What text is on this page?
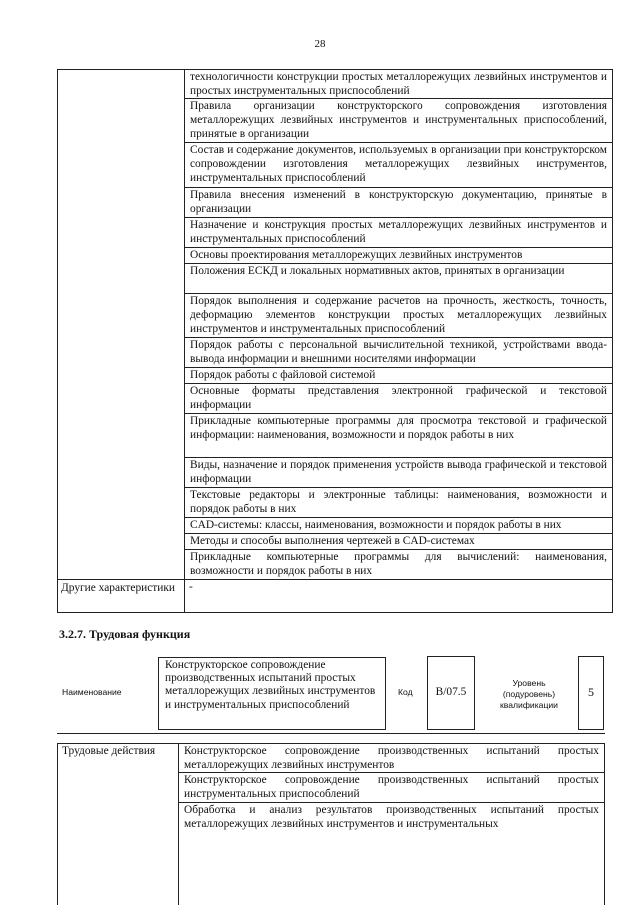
28
технологичности конструкции простых металлорежущих лезвийных инструментов и простых инструментальных приспособлений
Правила организации конструкторского сопровождения изготовления металлорежущих лезвийных инструментов и инструментальных приспособлений, принятые в организации
Состав и содержание документов, используемых в организации при конструкторском сопровождении изготовления металлорежущих лезвийных инструментов, инструментальных приспособлений
Правила внесения изменений в конструкторскую документацию, принятые в организации
Назначение и конструкция простых металлорежущих лезвийных инструментов и инструментальных приспособлений
Основы проектирования металлорежущих лезвийных инструментов
Положения ЕСКД и локальных нормативных актов, принятых в организации
Порядок выполнения и содержание расчетов на прочность, жесткость, точность, деформацию элементов конструкции простых металлорежущих лезвийных инструментов и инструментальных приспособлений
Порядок работы с персональной вычислительной техникой, устройствами ввода-вывода информации и внешними носителями информации
Порядок работы с файловой системой
Основные форматы представления электронной графической и текстовой информации
Прикладные компьютерные программы для просмотра текстовой и графической информации: наименования, возможности и порядок работы в них
Виды, назначение и порядок применения устройств вывода графической и текстовой информации
Текстовые редакторы и электронные таблицы: наименования, возможности и порядок работы в них
CAD-системы: классы, наименования, возможности и порядок работы в них
Методы и способы выполнения чертежей в CAD-системах
Прикладные компьютерные программы для вычислений: наименования, возможности и порядок работы в них
Другие характеристики	-
3.2.7. Трудовая функция
Наименование
Конструкторское сопровождение производственных испытаний простых металлорежущих лезвийных инструментов и инструментальных приспособлений
Код B/07.5
Уровень (подуровень) квалификации
5
Трудовые действия	Конструкторское сопровождение производственных испытаний простых металлорежущих лезвийных инструментов
Конструкторское сопровождение производственных испытаний простых инструментальных приспособлений
Обработка и анализ результатов производственных испытаний простых металлорежущих лезвийных инструментов и инструментальных
